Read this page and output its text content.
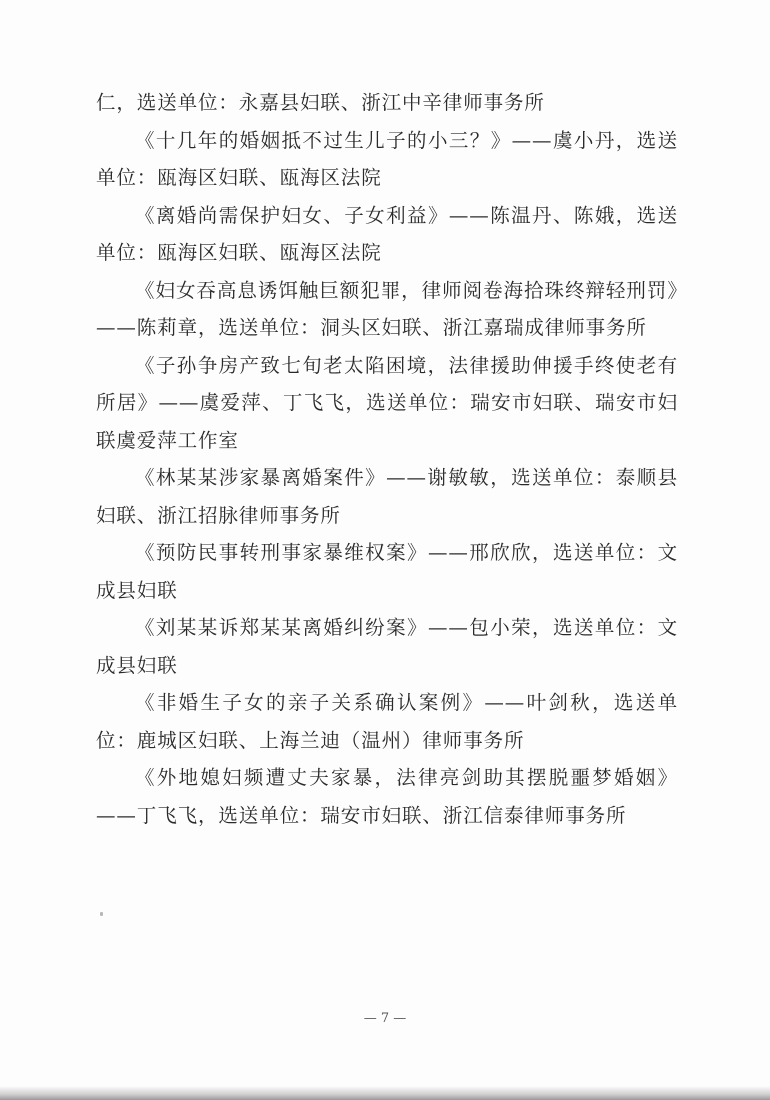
仁，选送单位：永嘉县妇联、浙江中辛律师事务所

《十几年的婚姻抵不过生儿子的小三？》——虞小丹，选送单位：瓯海区妇联、瓯海区法院

《离婚尚需保护妇女、子女利益》——陈温丹、陈娥，选送单位：瓯海区妇联、瓯海区法院

《妇女吞高息诱饵触巨额犯罪，律师阅卷海拾珠终辩轻刑罚》——陈莉章，选送单位：洞头区妇联、浙江嘉瑞成律师事务所

《子孙争房产致七旬老太陷困境，法律援助伸援手终使老有所居》——虞爱萍、丁飞飞，选送单位：瑞安市妇联、瑞安市妇联虞爱萍工作室

《林某某涉家暴离婚案件》——谢敏敏，选送单位：泰顺县妇联、浙江招脉律师事务所

《预防民事转刑事家暴维权案》——邢欣欣，选送单位：文成县妇联

《刘某某诉郑某某离婚纠纷案》——包小荣，选送单位：文成县妇联

《非婚生子女的亲子关系确认案例》——叶剑秋，选送单位：鹿城区妇联、上海兰迪（温州）律师事务所

《外地媳妇频遭丈夫家暴，法律亮剑助其摆脱噩梦婚姻》——丁飞飞，选送单位：瑞安市妇联、浙江信泰律师事务所

— 7 —
